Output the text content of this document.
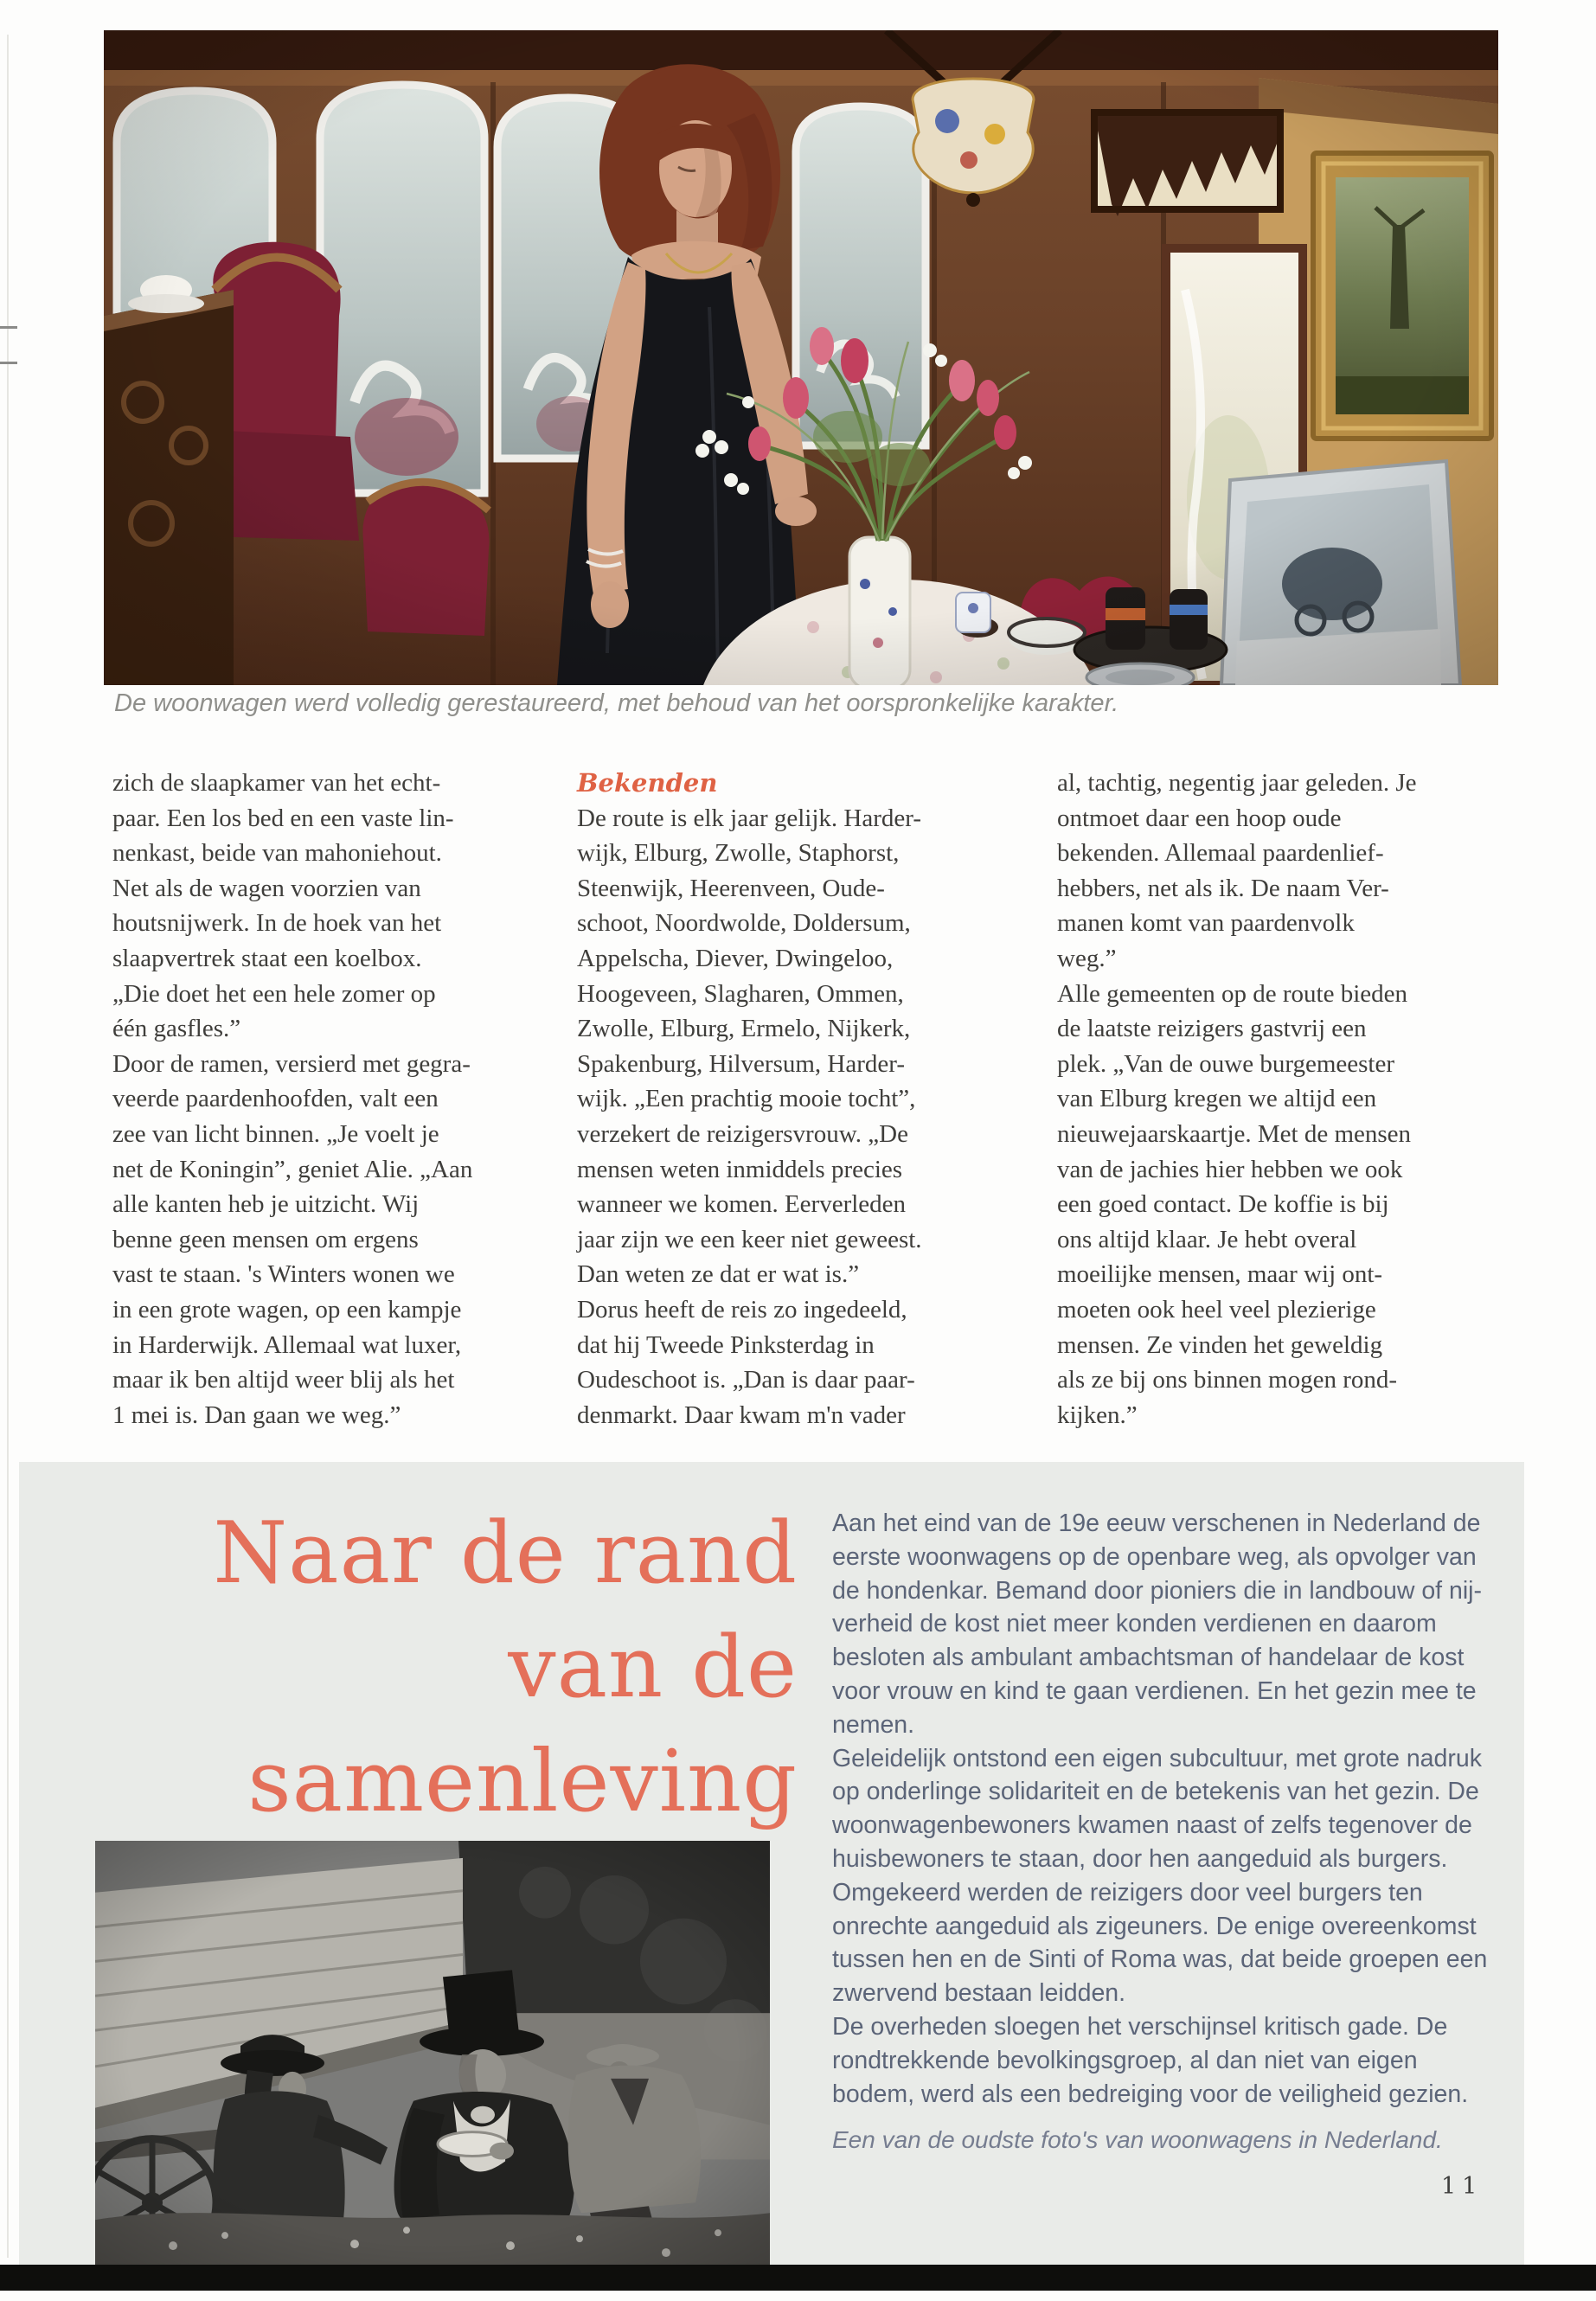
De woonwagen werd volledig gerestaureerd, met behoud van het oorspronkelijke karakter.
zich de slaapkamer van het echt-
paar. Een los bed en een vaste lin-
nenkast, beide van mahoniehout.
Net als de wagen voorzien van
houtsnijwerk. In de hoek van het
slaapvertrek staat een koelbox.
„Die doet het een hele zomer op
één gasfles.”
Door de ramen, versierd met gegra-
veerde paardenhoofden, valt een
zee van licht binnen. „Je voelt je
net de Koningin”, geniet Alie. „Aan
alle kanten heb je uitzicht. Wij
benne geen mensen om ergens
vast te staan. 's Winters wonen we
in een grote wagen, op een kampje
in Harderwijk. Allemaal wat luxer,
maar ik ben altijd weer blij als het
1 mei is. Dan gaan we weg.”
Bekenden
De route is elk jaar gelijk. Harder-
wijk, Elburg, Zwolle, Staphorst,
Steenwijk, Heerenveen, Oude-
schoot, Noordwolde, Doldersum,
Appelscha, Diever, Dwingeloo,
Hoogeveen, Slagharen, Ommen,
Zwolle, Elburg, Ermelo, Nijkerk,
Spakenburg, Hilversum, Harder-
wijk. „Een prachtig mooie tocht”,
verzekert de reizigersvrouw. „De
mensen weten inmiddels precies
wanneer we komen. Eerverleden
jaar zijn we een keer niet geweest.
Dan weten ze dat er wat is.”
Dorus heeft de reis zo ingedeeld,
dat hij Tweede Pinksterdag in
Oudeschoot is. „Dan is daar paar-
denmarkt. Daar kwam m'n vader
al, tachtig, negentig jaar geleden. Je
ontmoet daar een hoop oude
bekenden. Allemaal paardenlief-
hebbers, net als ik. De naam Ver-
manen komt van paardenvolk
weg.”
Alle gemeenten op de route bieden
de laatste reizigers gastvrij een
plek. „Van de ouwe burgemeester
van Elburg kregen we altijd een
nieuwejaarskaartje. Met de mensen
van de jachies hier hebben we ook
een goed contact. De koffie is bij
ons altijd klaar. Je hebt overal
moeilijke mensen, maar wij ont-
moeten ook heel veel plezierige
mensen. Ze vinden het geweldig
als ze bij ons binnen mogen rond-
kijken.”
Naar de rand
van de
samenleving
Aan het eind van de 19e eeuw verschenen in Nederland de
eerste woonwagens op de openbare weg, als opvolger van
de hondenkar. Bemand door pioniers die in landbouw of nij-
verheid de kost niet meer konden verdienen en daarom
besloten als ambulant ambachtsman of handelaar de kost
voor vrouw en kind te gaan verdienen. En het gezin mee te
nemen.
Geleidelijk ontstond een eigen subcultuur, met grote nadruk
op onderlinge solidariteit en de betekenis van het gezin. De
woonwagenbewoners kwamen naast of zelfs tegenover de
huisbewoners te staan, door hen aangeduid als burgers.
Omgekeerd werden de reizigers door veel burgers ten
onrechte aangeduid als zigeuners. De enige overeenkomst
tussen hen en de Sinti of Roma was, dat beide groepen een
zwervend bestaan leidden.
De overheden sloegen het verschijnsel kritisch gade. De
rondtrekkende bevolkingsgroep, al dan niet van eigen
bodem, werd als een bedreiging voor de veiligheid gezien.
Een van de oudste foto's van woonwagens in Nederland.
11
